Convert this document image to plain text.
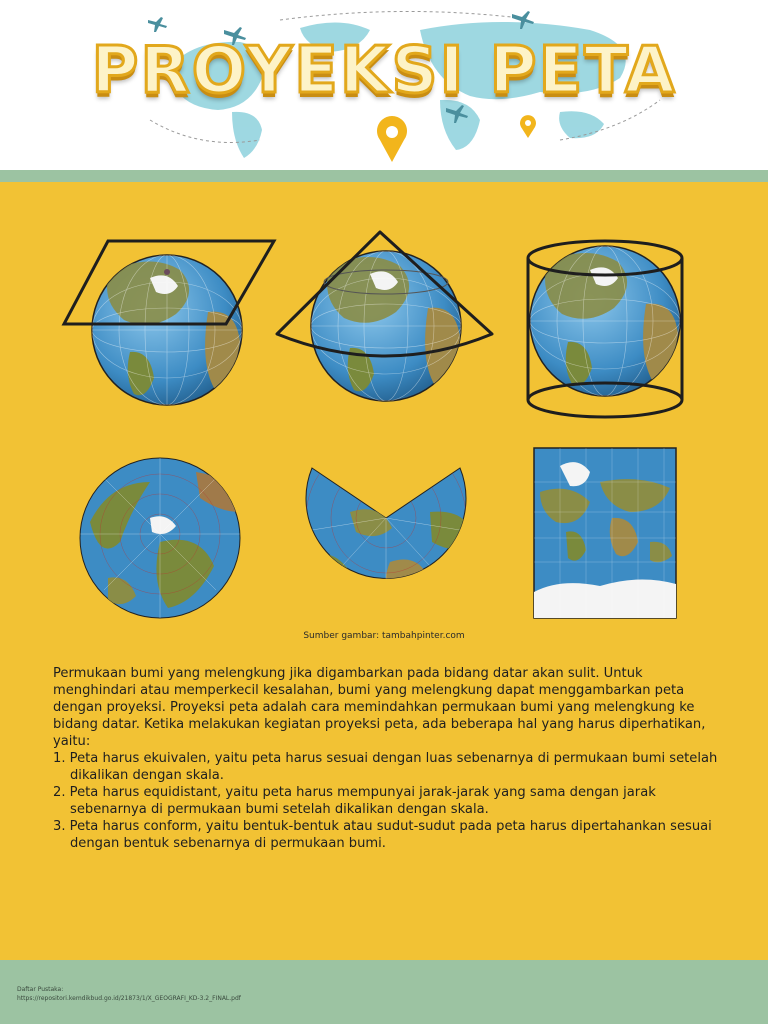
PROYEKSI PETA
Sumber gambar: tambahpinter.com

Permukaan bumi yang melengkung jika digambarkan pada bidang datar akan sulit. Untuk menghindari atau memperkecil kesalahan, bumi yang melengkung dapat menggambarkan peta dengan proyeksi. Proyeksi peta adalah cara memindahkan permukaan bumi yang melengkung ke bidang datar. Ketika melakukan kegiatan proyeksi peta, ada beberapa hal yang harus diperhatikan, yaitu:

1. Peta harus ekuivalen, yaitu peta harus sesuai dengan luas sebenarnya di permukaan bumi setelah dikalikan dengan skala.

2. Peta harus equidistant, yaitu peta harus mempunyai jarak-jarak yang sama dengan jarak sebenarnya di permukaan bumi setelah dikalikan dengan skala.

3. Peta harus conform, yaitu bentuk-bentuk atau sudut-sudut pada peta harus dipertahankan sesuai dengan bentuk sebenarnya di permukaan bumi.

Daftar Pustaka:
https://repositori.kemdikbud.go.id/21873/1/X_GEOGRAFI_KD-3.2_FINAL.pdf
